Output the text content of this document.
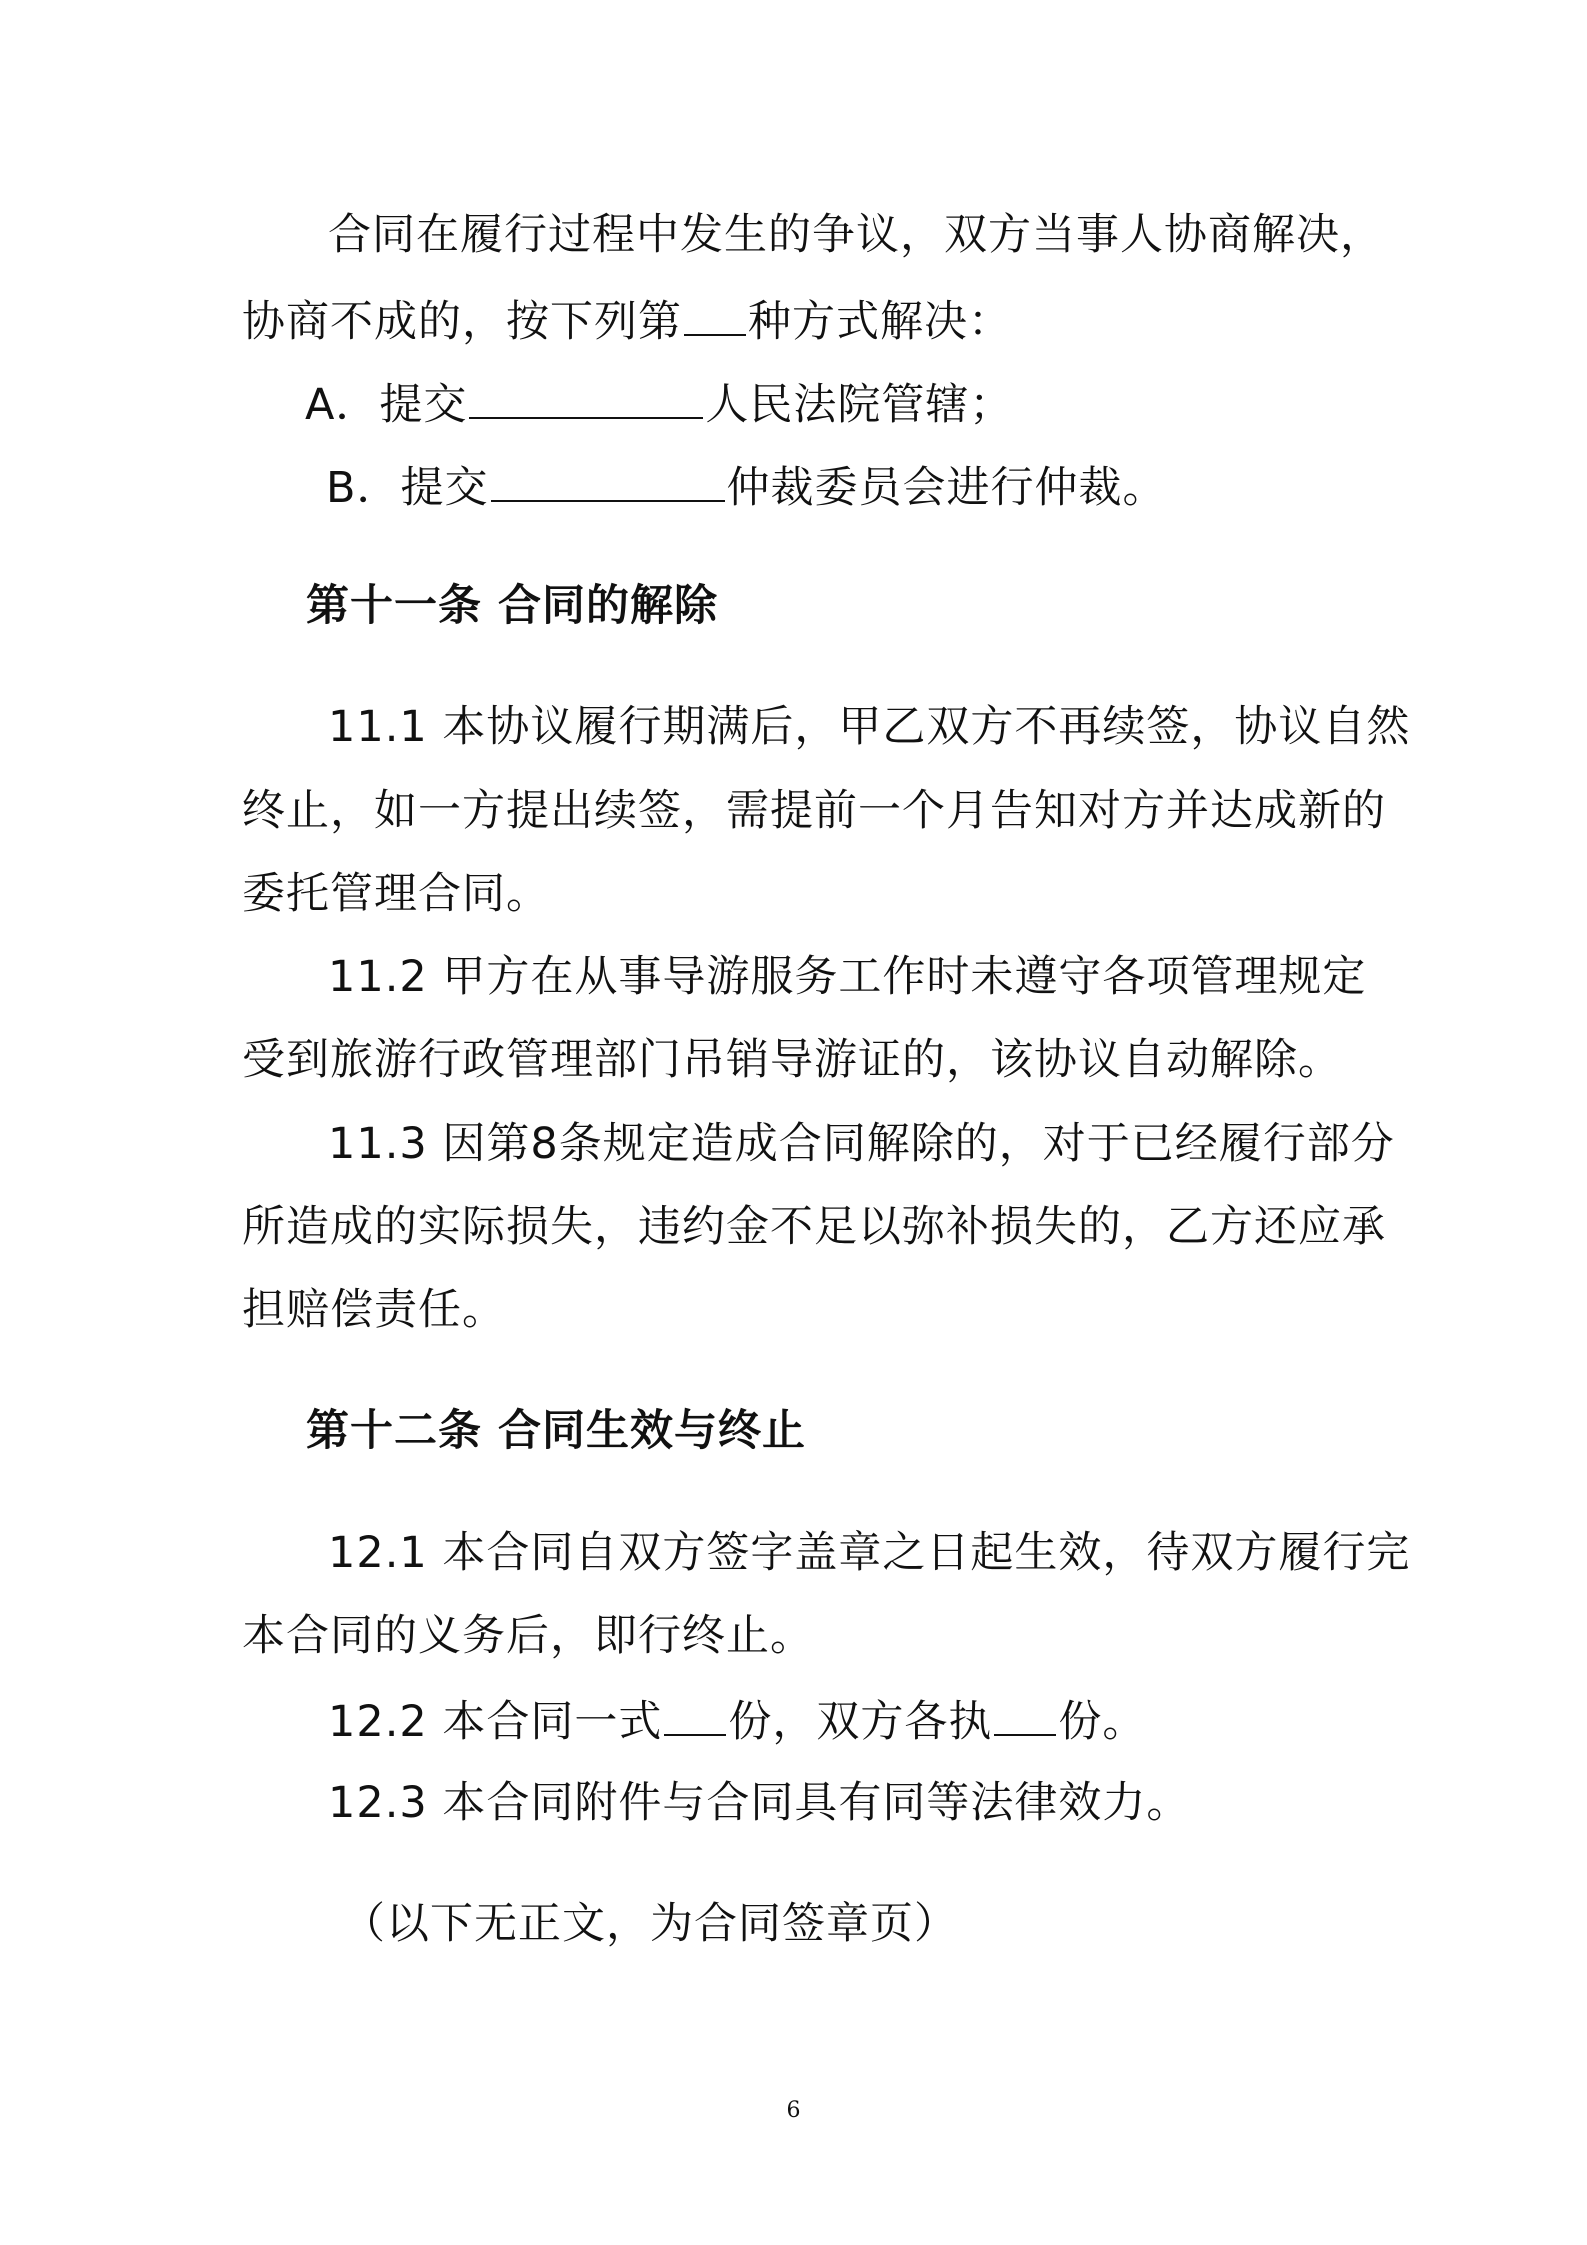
合同在履行过程中发生的争议，双方当事人协商解决，
协商不成的，按下列第 种方式解决：
A．提交	人民法院管辖；
B．提交	仲裁委员会进行仲裁。
第十一条 合同的解除
11.1 本协议履行期满后，甲乙双方不再续签，协议自然
终止，如一方提出续签，需提前一个月告知对方并达成新的
委托管理合同。
11.2 甲方在从事导游服务工作时未遵守各项管理规定
受到旅游行政管理部门吊销导游证的，该协议自动解除。
11.3 因第8条规定造成合同解除的，对于已经履行部分
所造成的实际损失，违约金不足以弥补损失的，乙方还应承
担赔偿责任。
第十二条 合同生效与终止
12.1 本合同自双方签字盖章之日起生效，待双方履行完
本合同的义务后，即行终止。
12.2 本合同一式 份，双方各执 份。
12.3 本合同附件与合同具有同等法律效力。
（以下无正文，为合同签章页）
6
